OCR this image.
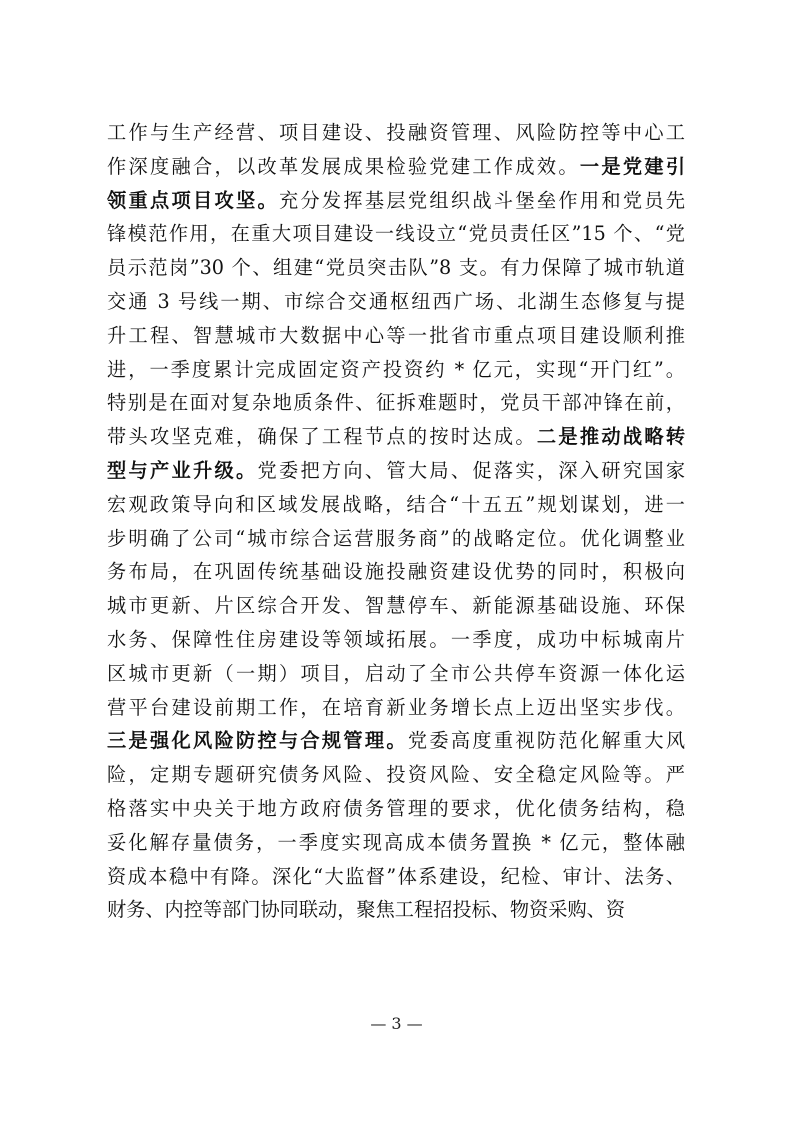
工作与生产经营、项目建设、投融资管理、风险防控等中心工
作深度融合，以改革发展成果检验党建工作成效。一是党建引
领重点项目攻坚。充分发挥基层党组织战斗堡垒作用和党员先
锋模范作用，在重大项目建设一线设立“党员责任区”15 个、“党
员示范岗”30 个、组建“党员突击队”8 支。有力保障了城市轨道
交通 3 号线一期、市综合交通枢纽西广场、北湖生态修复与提
升工程、智慧城市大数据中心等一批省市重点项目建设顺利推
进，一季度累计完成固定资产投资约 * 亿元，实现“开门红”。
特别是在面对复杂地质条件、征拆难题时，党员干部冲锋在前，
带头攻坚克难，确保了工程节点的按时达成。二是推动战略转
型与产业升级。党委把方向、管大局、促落实，深入研究国家
宏观政策导向和区域发展战略，结合“十五五”规划谋划，进一
步明确了公司“城市综合运营服务商”的战略定位。优化调整业
务布局，在巩固传统基础设施投融资建设优势的同时，积极向
城市更新、片区综合开发、智慧停车、新能源基础设施、环保
水务、保障性住房建设等领域拓展。一季度，成功中标城南片
区城市更新（一期）项目，启动了全市公共停车资源一体化运
营平台建设前期工作，在培育新业务增长点上迈出坚实步伐。
三是强化风险防控与合规管理。党委高度重视防范化解重大风
险，定期专题研究债务风险、投资风险、安全稳定风险等。严
格落实中央关于地方政府债务管理的要求，优化债务结构，稳
妥化解存量债务，一季度实现高成本债务置换 * 亿元，整体融
资成本稳中有降。深化“大监督”体系建设，纪检、审计、法务、
财务、内控等部门协同联动，聚焦工程招投标、物资采购、资
— 3 —
